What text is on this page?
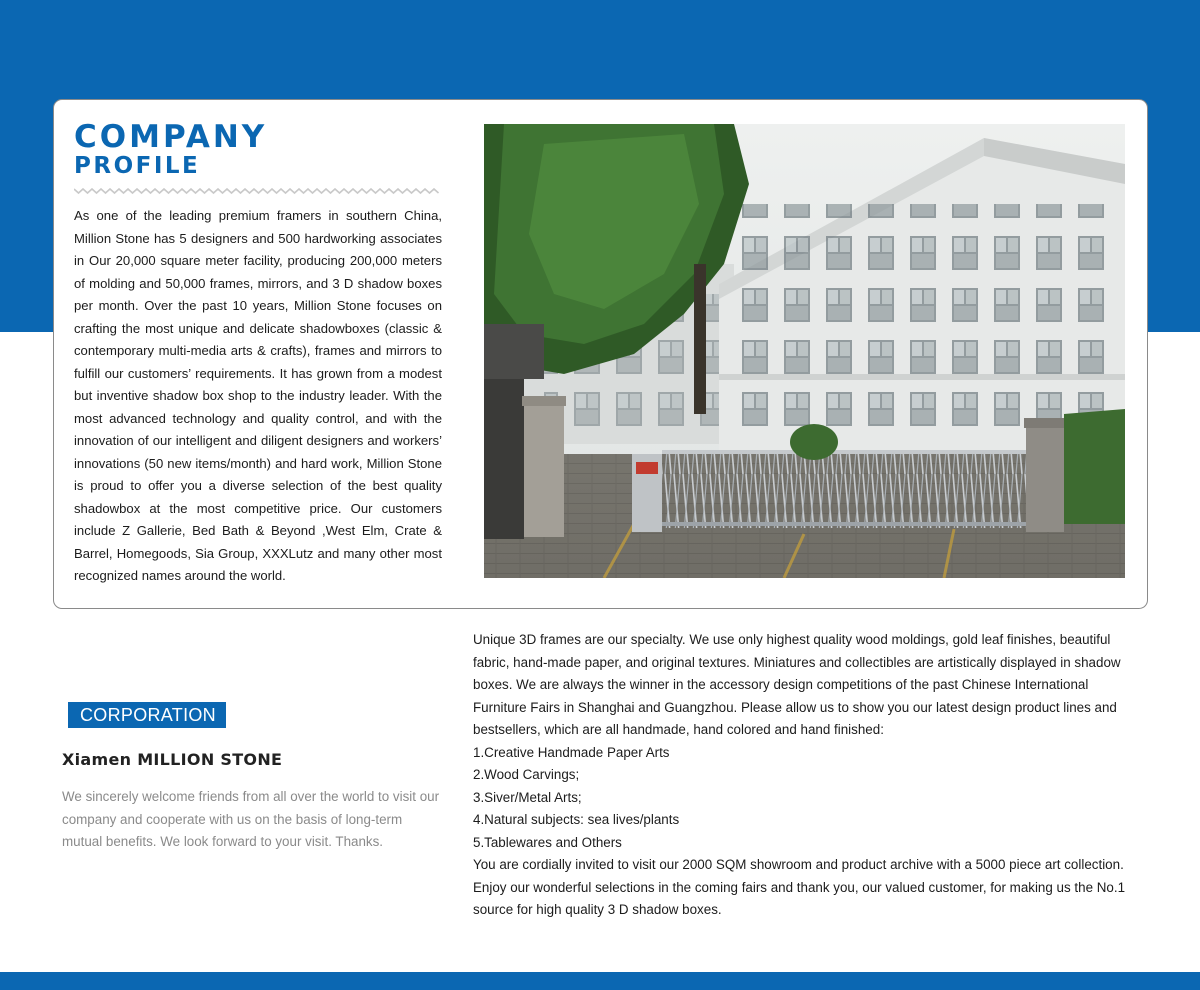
COMPANY
PROFILE
As one of the leading premium framers in southern China, Million Stone has 5 designers and 500 hardworking associates in Our 20,000 square meter facility, producing 200,000 meters of molding and 50,000 frames, mirrors, and 3 D shadow boxes per month. Over the past 10 years, Million Stone focuses on crafting the most unique and delicate shadowboxes (classic & contemporary multi-media arts & crafts), frames and mirrors to fulfill our customers’ requirements. It has grown from a modest but inventive shadow box shop to the industry leader. With the most advanced technology and quality control, and with the innovation of our intelligent and diligent designers and workers’ innovations (50 new items/month) and hard work, Million Stone is proud to offer you a diverse selection of the best quality shadowbox at the most competitive price. Our customers include Z Gallerie, Bed Bath & Beyond ,West Elm, Crate & Barrel, Homegoods, Sia Group, XXXLutz and many other most recognized names around the world.
CORPORATION
Xiamen MILLION STONE
We sincerely welcome friends from all over the world to visit our company and cooperate with us on the basis of long-term mutual benefits. We look forward to your visit. Thanks.
Unique 3D frames are our specialty. We use only highest quality wood moldings, gold leaf finishes, beautiful fabric, hand-made paper, and original textures. Miniatures and collectibles are artistically displayed in shadow boxes. We are always the winner in the accessory design competitions of the past Chinese International Furniture Fairs in Shanghai and Guangzhou. Please allow us to show you our latest design product lines and bestsellers, which are all handmade, hand colored and hand finished:
1.Creative Handmade Paper Arts
2.Wood Carvings;
3.Siver/Metal Arts;
4.Natural subjects: sea lives/plants
5.Tablewares and Others
You are cordially invited to visit our 2000 SQM showroom and product archive with a 5000 piece art collection. Enjoy our wonderful selections in the coming fairs and thank you, our valued customer, for making us the No.1 source for high quality 3 D shadow boxes.
